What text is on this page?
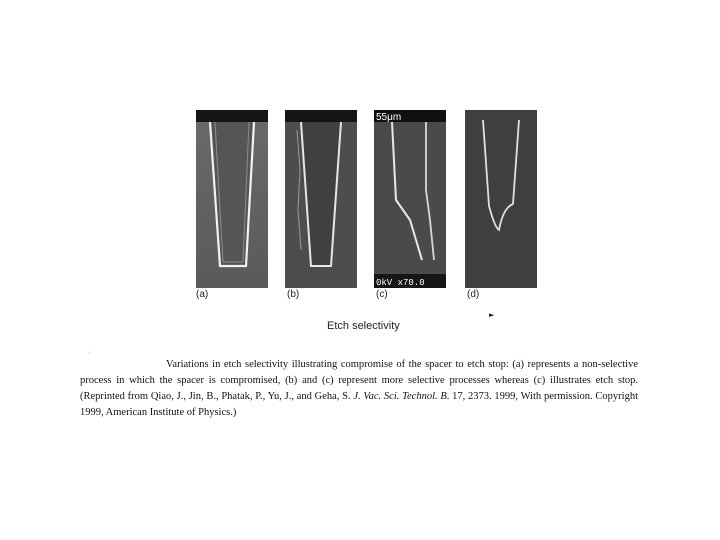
55μm
0kV x70.0
(a)	(b)	(c)	(d)
►
Etch selectivity
·
Variations in etch selectivity illustrating compromise of the spacer to etch stop: (a) represents a non-selective process in which the spacer is compromised, (b) and (c) represent more selective processes whereas (c) illustrates etch stop. (Reprinted from Qiao, J., Jin, B., Phatak, P., Yu, J., and Geha, S. J. Vac. Sci. Technol. B. 17, 2373. 1999, With permission. Copyright 1999, American Institute of Physics.)
